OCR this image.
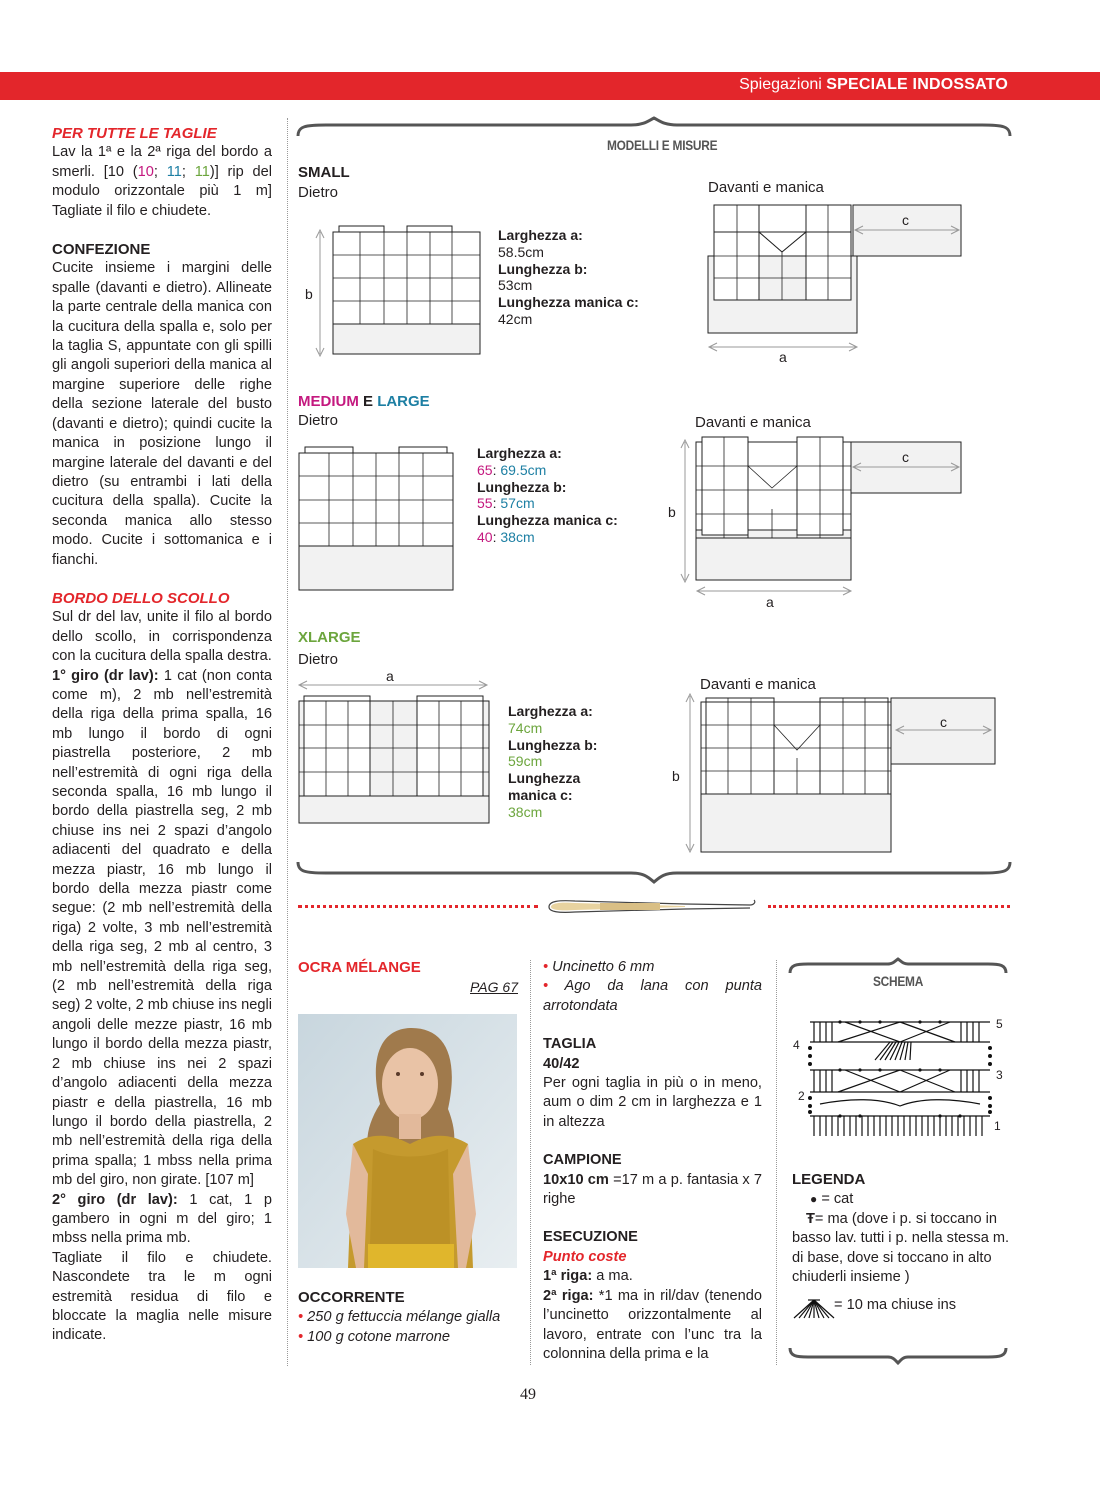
Spiegazioni SPECIALE INDOSSATO
PER TUTTE LE TAGLIE

Lav la 1ª e la 2ª riga del bordo a smerli. [10 (10; 11; 11)] rip del modulo orizzontale più 1 m] Tagliate il filo e chiudete.

CONFEZIONE

Cucite insieme i margini delle spalle (davanti e dietro). Allineate la parte centrale della manica con la cucitura della spalla e, solo per la taglia S, appuntate con gli spilli gli angoli superiori della manica al margine superiore delle righe della sezione laterale del busto (davanti e dietro); quindi cucite la manica in posizione lungo il margine laterale del davanti e del dietro (su entrambi i lati della cucitura della spalla). Cucite la seconda manica allo stesso modo. Cucite i sottomanica e i fianchi.

BORDO DELLO SCOLLO

Sul dr del lav, unite il filo al bordo dello scollo, in corrispondenza con la cucitura della spalla destra.

1° giro (dr lav): 1 cat (non conta come m), 2 mb nell’estremità della riga della prima spalla, 16 mb lungo il bordo di ogni piastrella posteriore, 2 mb nell’estremità di ogni riga della seconda spalla, 16 mb lungo il bordo della piastrella seg, 2 mb chiuse ins nei 2 spazi d’angolo adiacenti del quadrato e della mezza piastr, 16 mb lungo il bordo della mezza piastr come segue: (2 mb nell’estremità della riga) 2 volte, 3 mb nell’estremità della riga seg, 2 mb al centro, 3 mb nell’estremità della riga seg, (2 mb nell’estremità della riga seg) 2 volte, 2 mb chiuse ins negli angoli delle mezze piastr, 16 mb lungo il bordo della mezza piastr, 2 mb chiuse ins nei 2 spazi d’angolo adiacenti della mezza piastr e della piastrella, 16 mb lungo il bordo della piastrella, 2 mb nell’estremità della riga della prima spalla; 1 mbss nella prima mb del giro, non girate. [107 m]

2° giro (dr lav): 1 cat, 1 p gambero in ogni m del giro; 1 mbss nella prima mb.

Tagliate il filo e chiudete. Nascondete tra le m ogni estremità residua di filo e bloccate la maglia nelle misure indicate.

MODELLI E MISURE
SMALL
Dietro	Davanti e manica
b
Larghezza a:
58.5cm
Lunghezza b:
53cm
Lunghezza manica c:
42cm
c
a
MEDIUM E LARGE
Dietro	Davanti e manica
Larghezza a:
65: 69.5cm
Lunghezza b:
55: 57cm
Lunghezza manica c:
40: 38cm
b
c
a
XLARGE
Dietro
Davanti e manica
a
Larghezza a:
74cm
Lunghezza b:
59cm
Lunghezza
manica c:
38cm
b
c
OCRA MÉLANGE
PAG 67
OCCORRENTE
• 250 g fettuccia mélange gialla
• 100 g cotone marrone
• Uncinetto 6 mm
• Ago da lana con punta arrotondata
TAGLIA
40/42
Per ogni taglia in più o in meno, aum o dim 2 cm in larghezza e 1 in altezza
CAMPIONE
10x10 cm =17 m a p. fantasia x 7 righe
ESECUZIONE
Punto coste
1ª riga: a ma.
2ª riga: *1 ma in ril/dav (tenendo l’uncinetto orizzontalmente al lavoro, entrate con l’unc tra la colonnina della prima e la
SCHEMA
5
4
3
2
1
LEGENDA
● = cat
Ŧ= ma (dove i p. si toccano in basso lav. tutti i p. nella stessa m. di base, dove si toccano in alto chiuderli insieme )
= 10 ma chiuse ins
49
